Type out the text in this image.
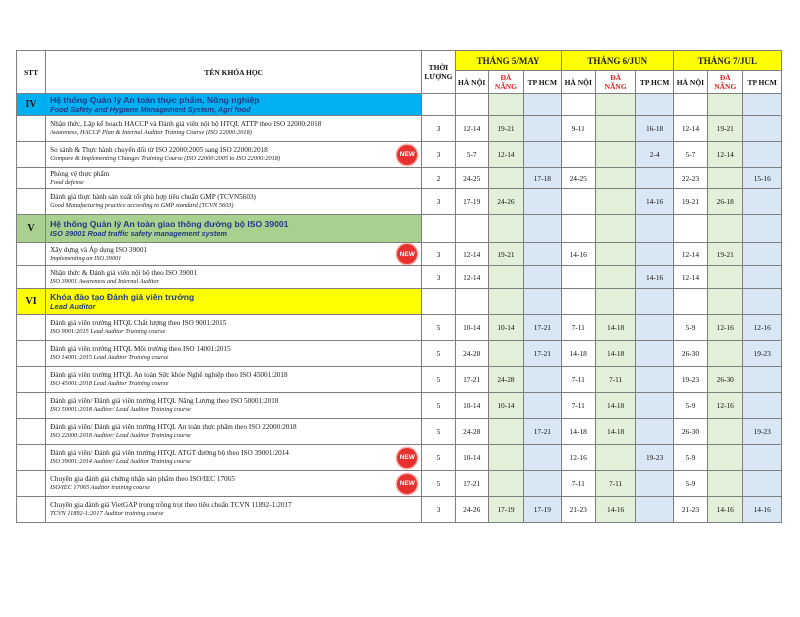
STT	TÊN KHÓA HỌC	THỜI
LƯỢNG	THÁNG 5/MAY			THÁNG 6/JUN			THÁNG 7/JUL		
			HÀ NỘI	ĐÀ NẴNG	TP HCM	HÀ NỘI	ĐÀ NẴNG	TP HCM	HÀ NỘI	ĐÀ NẴNG	TP HCM
IV	Hệ thống Quản lý An toàn thực phẩm, Nông nghiệp
Food Safety and Hygiene Management System, Agri food										

	Nhận thức, Lập kế hoạch HACCP và Đánh giá viên nội bộ HTQL ATTP theo ISO 22000:2018
Awareness, HACCP Plan & Internal Auditor Traning Course (ISO 22000:2018)	3	12-14	19-21		9-11		16-18	12-14	19-21	

	So sánh & Thực hành chuyển đổi từ ISO 22000:2005 sang ISO 22000:2018
Compare & Implementing Changes Training Course (ISO 22000:2005 to ISO 22000:2018)
NEW	3	5-7	12-14				2-4	5-7	12-14	

	Phòng vệ thực phẩm
Food defense	2	24-25		17-18	24-25			22-23		15-16

	Đánh giá thực hành sản xuất tốt phù hợp tiêu chuẩn GMP (TCVN5603)
Good Manufacturing practice according to GMP standard (TCVN 5603)	3	17-19	24-26				14-16	19-21	26-18	
V	Hệ thống Quản lý An toàn giao thông đường bộ ISO 39001
ISO 39001 Road traffic safety management system										

	Xây dựng và Áp dụng ISO 39001
Implementing an ISO 39001
NEW	3	12-14	19-21		14-16			12-14	19-21	

	Nhận thức & Đánh giá viên nội bộ theo ISO 39001
ISO 39001 Awareness and Internal Auditor	3	12-14					14-16	12-14		
VI	Khóa đào tạo Đánh giá viên trưởng
Lead Auditor										

	Đánh giá viên trưởng HTQL Chất lượng theo ISO 9001:2015
ISO 9001:2015 Lead Auditor Training course	5	10-14	10-14	17-21	7-11	14-18		5-9	12-16	12-16

	Đánh giá viên trưởng HTQL Môi trường theo ISO 14001:2015
ISO 14001:2015 Lead Auditor Training course	5	24-28		17-21	14-18	14-18		26-30		19-23

	Đánh giá viên trưởng HTQL An toàn Sức khỏe Nghề nghiệp theo ISO 45001:2018
ISO 45001:2018 Lead Auditor Training course	5	17-21	24-28		7-11	7-11		19-23	26-30	

	Đánh giá viên/ Đánh giá viên trưởng HTQL Năng Lượng theo ISO 50001:2018
ISO 50001:2018 Auditor/ Lead Auditor Training course	5	10-14	10-14		7-11	14-18		5-9	12-16	

	Đánh giá viên/ Đánh giá viên trưởng HTQL An toàn thực phẩm theo ISO 22000:2018
ISO 22000:2018 Auditor/ Lead Auditor Training course	5	24-28		17-21	14-18	14-18		26-30		19-23

	Đánh giá viên/ Đánh giá viên trưởng HTQL ATGT đường bộ theo ISO 39001:2014
ISO 39001:2014 Auditor/ Lead Auditor Training course
NEW	5	10-14			12-16		19-23	5-9		

	Chuyên gia đánh giá chứng nhận sản phẩm theo ISO/IEC 17065
ISO/IEC 17065 Auditor training course
NEW	5	17-21			7-11	7-11		5-9		

	Chuyên gia đánh giá VietGAP trong trồng trọt theo tiêu chuẩn TCVN 11892-1:2017
TCVN 11892-1:2017 Auditor training course	3	24-26	17-19	17-19	21-23	14-16		21-23	14-16	14-16
